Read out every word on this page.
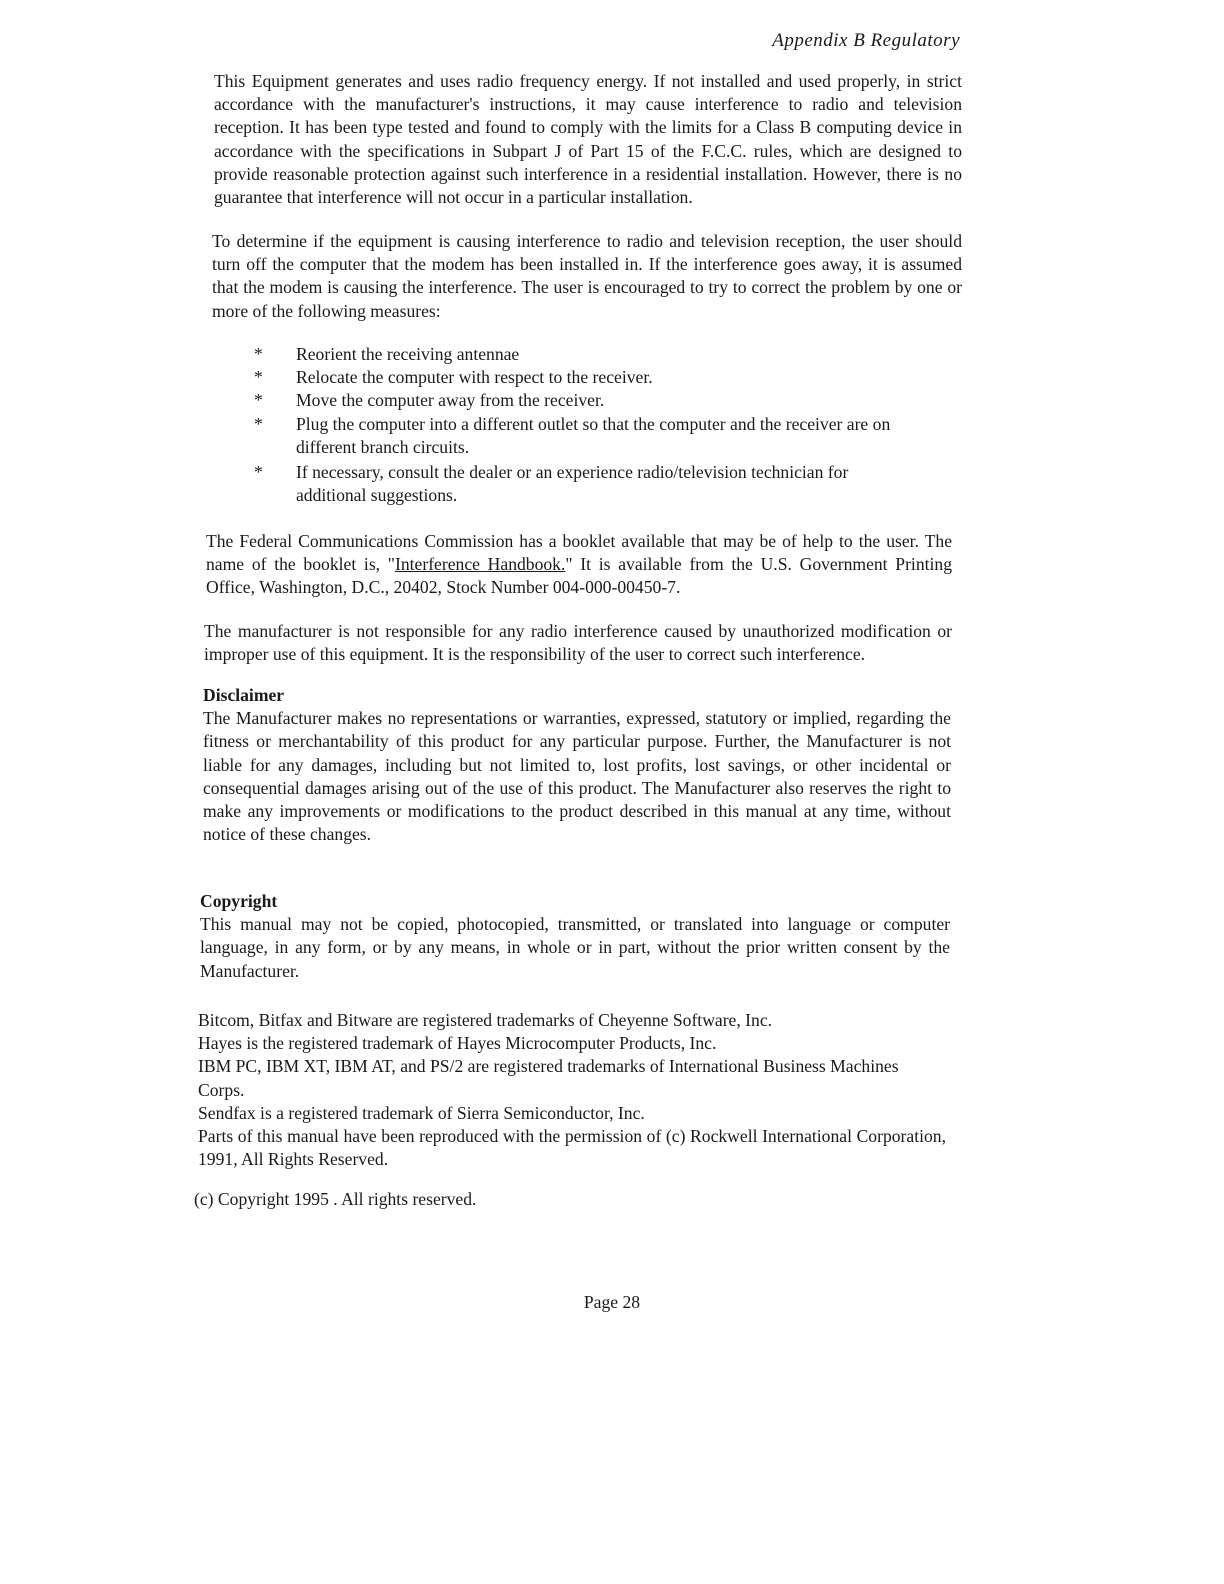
Appendix B Regulatory

This Equipment generates and uses radio frequency energy. If not installed and used properly, in strict accordance with the manufacturer's instructions, it may cause interference to radio and television reception. It has been type tested and found to comply with the limits for a Class B computing device in accordance with the specifications in Subpart J of Part 15 of the F.C.C. rules, which are designed to provide reasonable protection against such interference in a residential installation. However, there is no guarantee that interference will not occur in a particular installation.

To determine if the equipment is causing interference to radio and television reception, the user should turn off the computer that the modem has been installed in. If the interference goes away, it is assumed that the modem is causing the interference. The user is encouraged to try to correct the problem by one or more of the following measures:

* Reorient the receiving antennae
* Relocate the computer with respect to the receiver.
* Move the computer away from the receiver.
* Plug the computer into a different outlet so that the computer and the receiver are on different branch circuits.
* If necessary, consult the dealer or an experience radio/television technician for additional suggestions.

The Federal Communications Commission has a booklet available that may be of help to the user. The name of the booklet is, "Interference Handbook." It is available from the U.S. Government Printing Office, Washington, D.C., 20402, Stock Number 004-000-00450-7.

The manufacturer is not responsible for any radio interference caused by unauthorized modification or improper use of this equipment. It is the responsibility of the user to correct such interference.

Disclaimer

The Manufacturer makes no representations or warranties, expressed, statutory or implied, regarding the fitness or merchantability of this product for any particular purpose. Further, the Manufacturer is not liable for any damages, including but not limited to, lost profits, lost savings, or other incidental or consequential damages arising out of the use of this product. The Manufacturer also reserves the right to make any improvements or modifications to the product described in this manual at any time, without notice of these changes.

Copyright

This manual may not be copied, photocopied, transmitted, or translated into language or computer language, in any form, or by any means, in whole or in part, without the prior written consent by the Manufacturer.

Bitcom, Bitfax and Bitware are registered trademarks of Cheyenne Software, Inc.

Hayes is the registered trademark of Hayes Microcomputer Products, Inc.

IBM PC, IBM XT, IBM AT, and PS/2 are registered trademarks of International Business Machines Corps.

Sendfax is a registered trademark of Sierra Semiconductor, Inc.

Parts of this manual have been reproduced with the permission of (c) Rockwell International Corporation, 1991, All Rights Reserved.

(c) Copyright 1995 . All rights reserved.

Page 28
